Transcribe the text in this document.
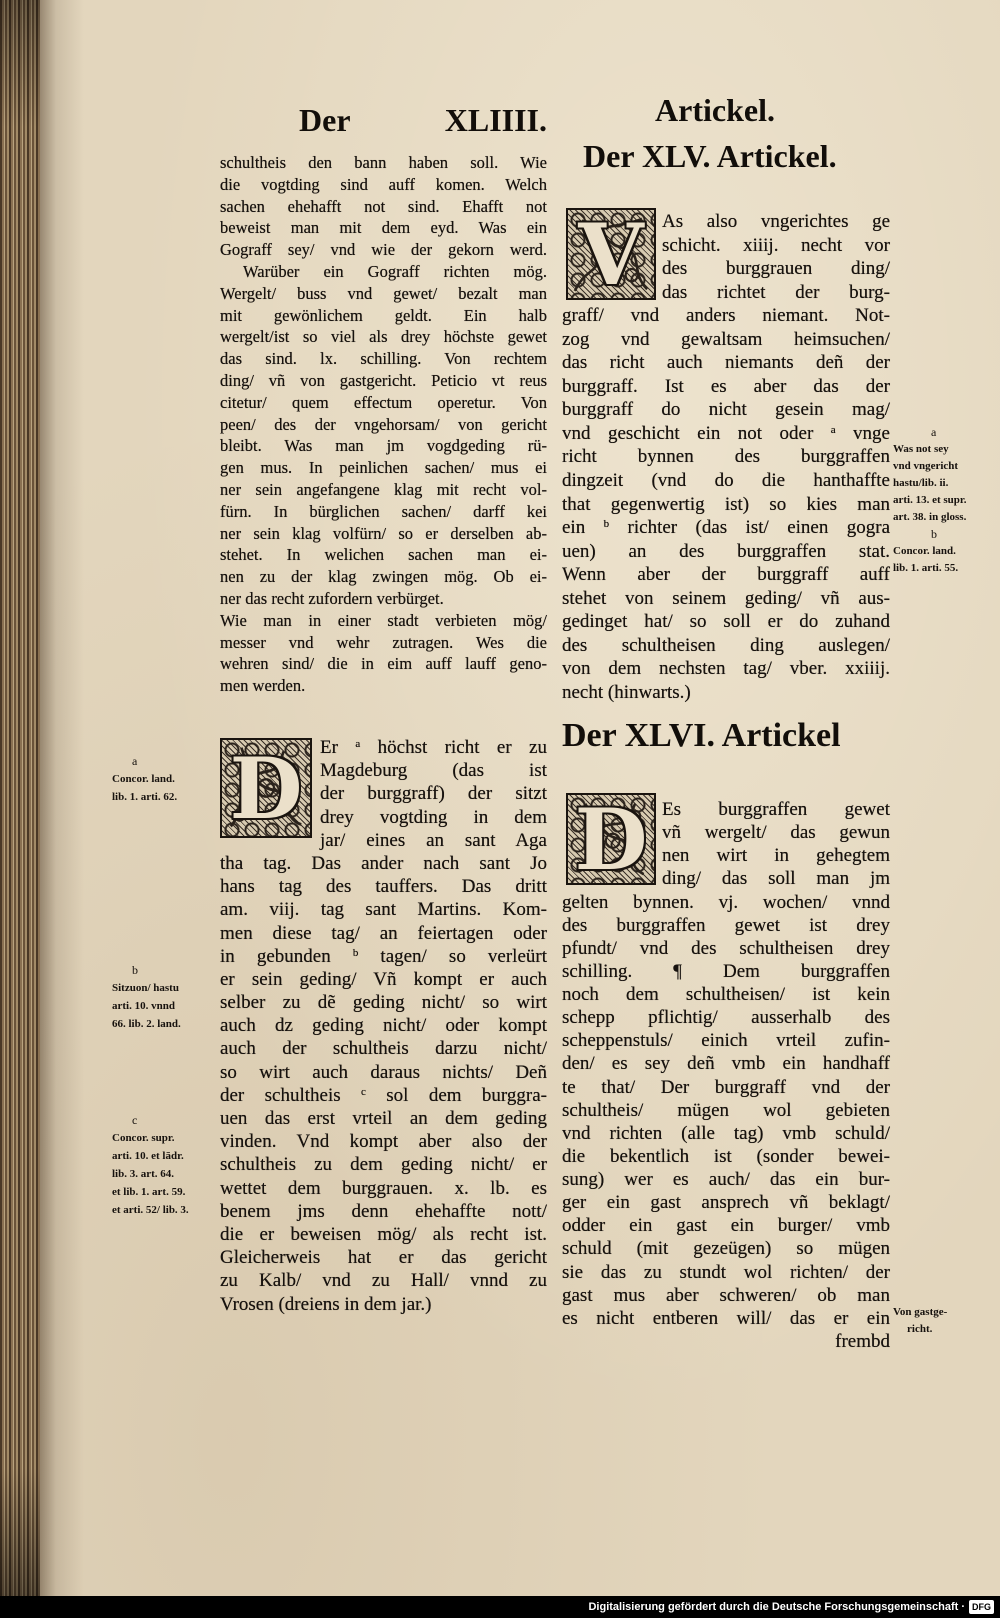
Der XLIIII.	Artickel.
schultheis den bann haben soll. Wie
die vogtding sind auff komen. Welch
sachen ehehafft not sind. Ehafft not
beweist man mit dem eyd. Was ein
Gograff sey/ vnd wie der gekorn werd.
Warüber ein Gograff richten mög.
Wergelt/ buss vnd gewet/ bezalt man
mit gewönlichem geldt. Ein halb
wergelt/ist so viel als drey höchste gewet
das sind. lx. schilling. Von rechtem
ding/ vñ von gastgericht. Peticio vt reus
citetur/ quem effectum operetur. Von
peen/ des der vngehorsam/ von gericht
bleibt. Was man jm vogdgeding rü-
gen mus. In peinlichen sachen/ mus ei
ner sein angefangene klag mit recht vol-
fürn. In bürglichen sachen/ darff kei
ner sein klag volfürn/ so er derselben ab-
stehet. In welichen sachen man ei-
nen zu der klag zwingen mög. Ob ei-
ner das recht zufordern verbürget.
Wie man in einer stadt verbieten mög/
messer vnd wehr zutragen. Wes die
wehren sind/ die in eim auff lauff geno-
men werden.
Der XLV. Artickel.
V As also vngerichtes ge
schicht. xiiij. necht vor
des burggrauen ding/
das richtet der burg-
graff/ vnd anders niemant. Not-
zog vnd gewaltsam heimsuchen/
das richt auch niemants deñ der
burggraff. Ist es aber das der
burggraff do nicht gesein mag/
vnd geschicht ein not oder $^a$ vnge
richt bynnen des burggraffen
dingzeit (vnd do die hanthaffte
that gegenwertig ist) so kies man
ein $^b$ richter (das ist/ einen gogra
uen) an des burggraffen stat.
Wenn aber der burggraff auff
stehet von seinem geding/ vñ aus-
gedinget hat/ so soll er do zuhand
des schultheisen ding auslegen/
von dem nechsten tag/ vber. xxiiij.
necht (hinwarts.)
a
Was not sey
vnd vngericht
hastu/lib. ii.
arti. 13. et supr.
art. 38. in gloss.
b
Concor. land.
lib. 1. arti. 55.
D Er $^a$ höchst richt er zu
Magdeburg (das ist
der burggraff) der sitzt
drey vogtding in dem
jar/ eines an sant Aga
tha tag. Das ander nach sant Jo
hans tag des tauffers. Das dritt
am. viij. tag sant Martins. Kom-
men diese tag/ an feiertagen oder
in gebunden $^b$ tagen/ so verleürt
er sein geding/ Vñ kompt er auch
selber zu dẽ geding nicht/ so wirt
auch dz geding nicht/ oder kompt
auch der schultheis darzu nicht/
so wirt auch daraus nichts/ Deñ
der schultheis $^c$ sol dem burggra-
uen das erst vrteil an dem geding
vinden. Vnd kompt aber also der
schultheis zu dem geding nicht/ er
wettet dem burggrauen. x. lb. es
benem jms denn ehehaffte nott/
die er beweisen mög/ als recht ist.
Gleicherweis hat er das gericht
zu Kalb/ vnd zu Hall/ vnnd zu
Vrosen (dreiens in dem jar.)
a
Concor. land.
lib. 1. arti. 62.
b
Sitzuon/ hastu
arti. 10. vnnd
66. lib. 2. land.
c
Concor. supr.
arti. 10. et lādr.
lib. 3. art. 64.
et lib. 1. art. 59.
et arti. 52/ lib. 3.
Der XLVI. Artickel
D Es burggraffen gewet
vñ wergelt/ das gewun
nen wirt in gehegtem
ding/ das soll man jm
gelten bynnen. vj. wochen/ vnnd
des burggraffen gewet ist drey
pfundt/ vnd des schultheisen drey
schilling. ¶ Dem burggraffen
noch dem schultheisen/ ist kein
schepp pflichtig/ ausserhalb des
scheppenstuls/ einich vrteil zufin-
den/ es sey deñ vmb ein handhaff
te that/ Der burggraff vnd der
schultheis/ mügen wol gebieten
vnd richten (alle tag) vmb schuld/
die bekentlich ist (sonder bewei-
sung) wer es auch/ das ein bur-
ger ein gast ansprech vñ beklagt/
odder ein gast ein burger/ vmb
schuld (mit gezeügen) so mügen
sie das zu stundt wol richten/ der
gast mus aber schweren/ ob man
es nicht entberen will/ das er ein
frembd
Von gastge-
richt.
Digitalisierung gefördert durch die Deutsche Forschungsgemeinschaft · DFG
